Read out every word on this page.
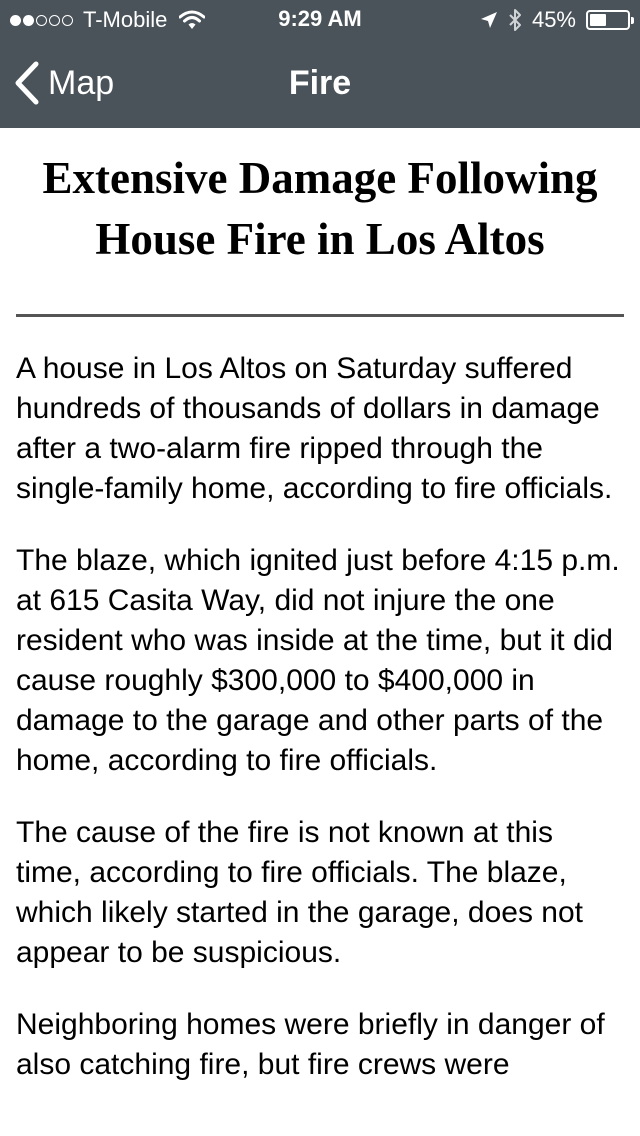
T-Mobile	9:29 AM	45%
Map	Fire
Extensive Damage Following House Fire in Los Altos

A house in Los Altos on Saturday suffered hundreds of thousands of dollars in damage after a two-alarm fire ripped through the single-family home, according to fire officials.

The blaze, which ignited just before 4:15 p.m. at 615 Casita Way, did not injure the one resident who was inside at the time, but it did cause roughly $300,000 to $400,000 in damage to the garage and other parts of the home, according to fire officials.

The cause of the fire is not known at this time, according to fire officials. The blaze, which likely started in the garage, does not appear to be suspicious.

Neighboring homes were briefly in danger of also catching fire, but fire crews were
